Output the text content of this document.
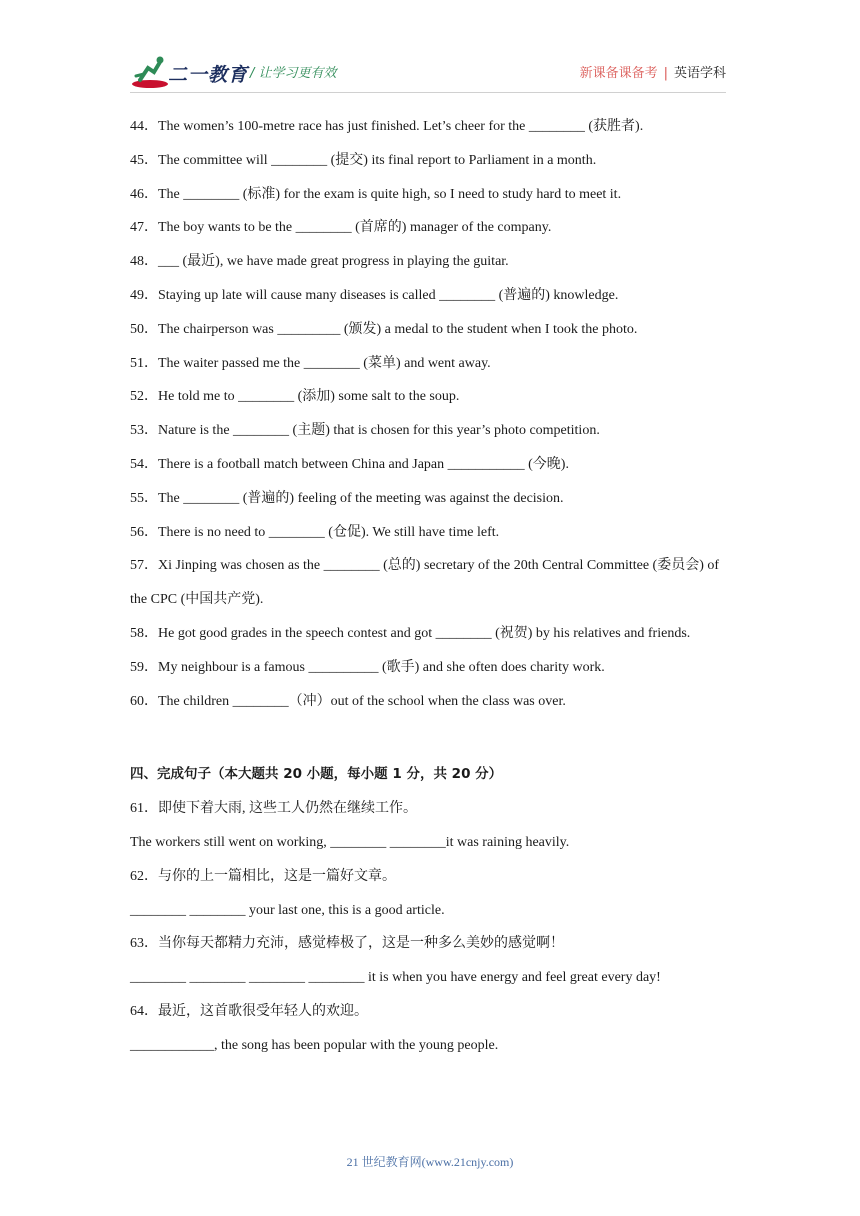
二一教育 / 让学习更有效	新课备课备考 | 英语学科
44．The women’s 100-metre race has just finished. Let’s cheer for the ________ (获胜者).
45．The committee will ________ (提交) its final report to Parliament in a month.
46．The ________ (标准) for the exam is quite high, so I need to study hard to meet it.
47．The boy wants to be the ________ (首席的) manager of the company.
48．___ (最近), we have made great progress in playing the guitar.
49．Staying up late will cause many diseases is called ________ (普遍的) knowledge.
50．The chairperson was _________ (颁发) a medal to the student when I took the photo.
51．The waiter passed me the ________ (菜单) and went away.
52．He told me to ________ (添加) some salt to the soup.
53．Nature is the ________ (主题) that is chosen for this year’s photo competition.
54．There is a football match between China and Japan ___________ (今晚).
55．The ________ (普遍的) feeling of the meeting was against the decision.
56．There is no need to ________ (仓促). We still have time left.
57．Xi Jinping was chosen as the ________ (总的) secretary of the 20th Central Committee (委员会) of the CPC (中国共产党).
58．He got good grades in the speech contest and got ________ (祝贺) by his relatives and friends.
59．My neighbour is a famous __________ (歌手) and she often does charity work.
60．The children ________（冲）out of the school when the class was over.
四、完成句子（本大题共 20 小题，每小题 1 分，共 20 分）
61．即使下着大雨, 这些工人仍然在继续工作。
The workers still went on working, ________ ________it was raining heavily.
62．与你的上一篇相比，这是一篇好文章。
________ ________ your last one, this is a good article.
63．当你每天都精力充沛，感觉棒极了，这是一种多么美妙的感觉啊！
________ ________ ________ ________ it is when you have energy and feel great every day!
64．最近，这首歌很受年轻人的欢迎。
____________, the song has been popular with the young people.
21 世纪教育网(www.21cnjy.com)
